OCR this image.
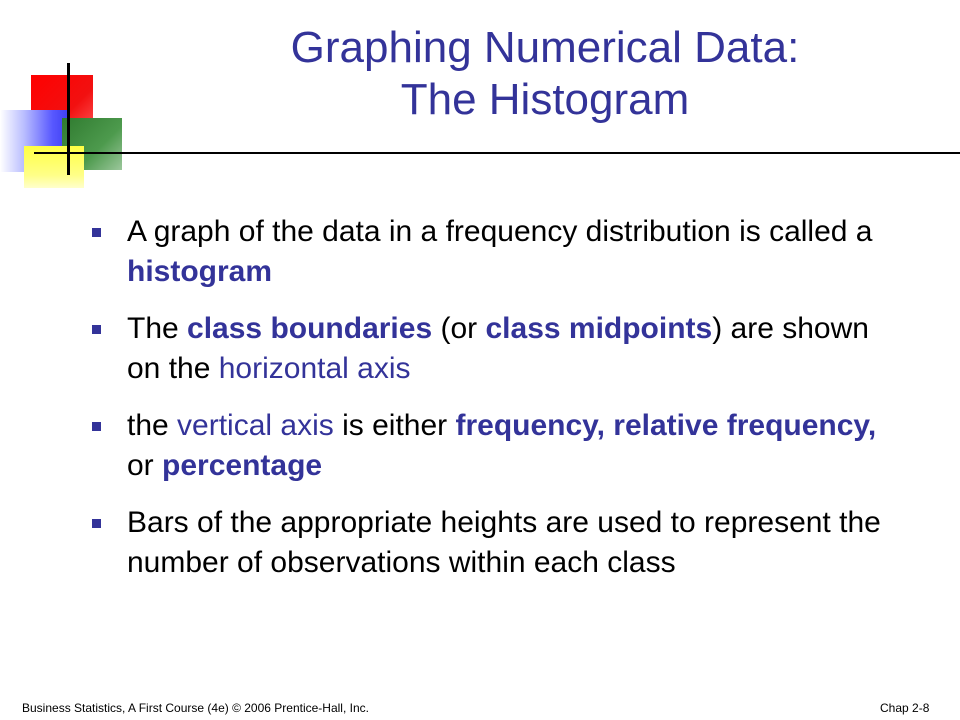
Graphing Numerical Data:
The Histogram
A graph of the data in a frequency distribution is called a histogram
The class boundaries (or class midpoints) are shown on the horizontal axis
the vertical axis is either frequency, relative frequency, or percentage
Bars of the appropriate heights are used to represent the number of observations within each class
Business Statistics, A First Course (4e) © 2006 Prentice-Hall, Inc.	Chap 2-8
